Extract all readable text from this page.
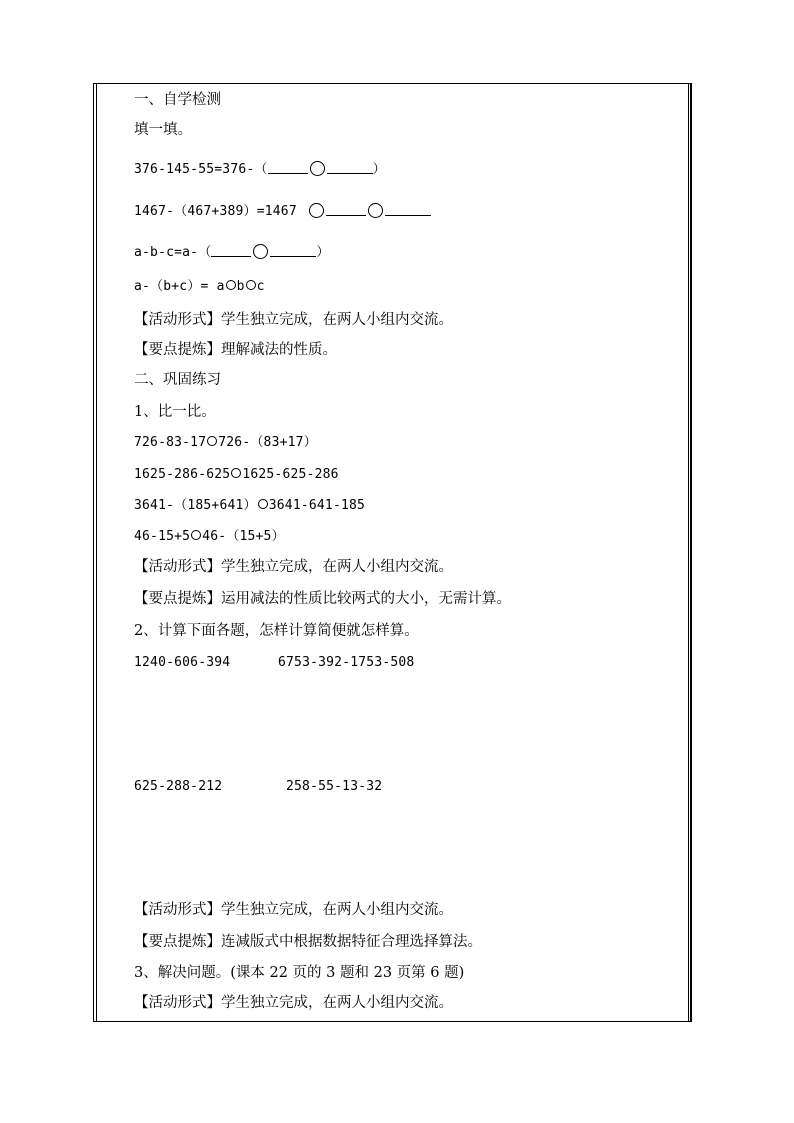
一、自学检测
填一填。
376-145-55=376-（	）
1467-（467+389）=1467
a-b-c=a-（	）
a-（b+c）= a b c
【活动形式】学生独立完成，在两人小组内交流。
【要点提炼】理解减法的性质。
二、巩固练习
1、比一比。
726-83-17 726-（83+17）
1625-286-625 1625-625-286
3641-（185+641） 3641-641-185
46-15+5 46-（15+5）
【活动形式】学生独立完成，在两人小组内交流。
【要点提炼】运用减法的性质比较两式的大小，无需计算。
2、计算下面各题，怎样计算简便就怎样算。
1240-606-394	6753-392-1753-508
625-288-212	258-55-13-32
【活动形式】学生独立完成，在两人小组内交流。
【要点提炼】连减版式中根据数据特征合理选择算法。
3、解决问题。(课本 22 页的 3 题和 23 页第 6 题)
【活动形式】学生独立完成，在两人小组内交流。
